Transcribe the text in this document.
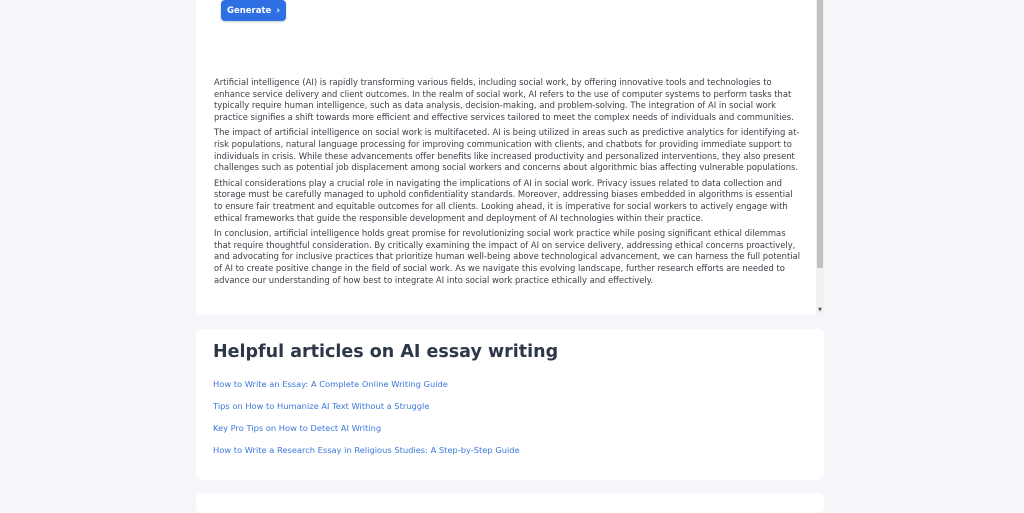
Generate ›

Artificial intelligence (AI) is rapidly transforming various fields, including social work, by offering innovative tools and technologies to enhance service delivery and client outcomes. In the realm of social work, AI refers to the use of computer systems to perform tasks that typically require human intelligence, such as data analysis, decision-making, and problem-solving. The integration of AI in social work practice signifies a shift towards more efficient and effective services tailored to meet the complex needs of individuals and communities.

The impact of artificial intelligence on social work is multifaceted. AI is being utilized in areas such as predictive analytics for identifying at-risk populations, natural language processing for improving communication with clients, and chatbots for providing immediate support to individuals in crisis. While these advancements offer benefits like increased productivity and personalized interventions, they also present challenges such as potential job displacement among social workers and concerns about algorithmic bias affecting vulnerable populations.

Ethical considerations play a crucial role in navigating the implications of AI in social work. Privacy issues related to data collection and storage must be carefully managed to uphold confidentiality standards. Moreover, addressing biases embedded in algorithms is essential to ensure fair treatment and equitable outcomes for all clients. Looking ahead, it is imperative for social workers to actively engage with ethical frameworks that guide the responsible development and deployment of AI technologies within their practice.

In conclusion, artificial intelligence holds great promise for revolutionizing social work practice while posing significant ethical dilemmas that require thoughtful consideration. By critically examining the impact of AI on service delivery, addressing ethical concerns proactively, and advocating for inclusive practices that prioritize human well-being above technological advancement, we can harness the full potential of AI to create positive change in the field of social work. As we navigate this evolving landscape, further research efforts are needed to advance our understanding of how best to integrate AI into social work practice ethically and effectively.

▼
Helpful articles on AI essay writing
How to Write an Essay: A Complete Online Writing Guide
Tips on How to Humanize AI Text Without a Struggle
Key Pro Tips on How to Detect AI Writing
How to Write a Research Essay in Religious Studies: A Step-by-Step Guide
